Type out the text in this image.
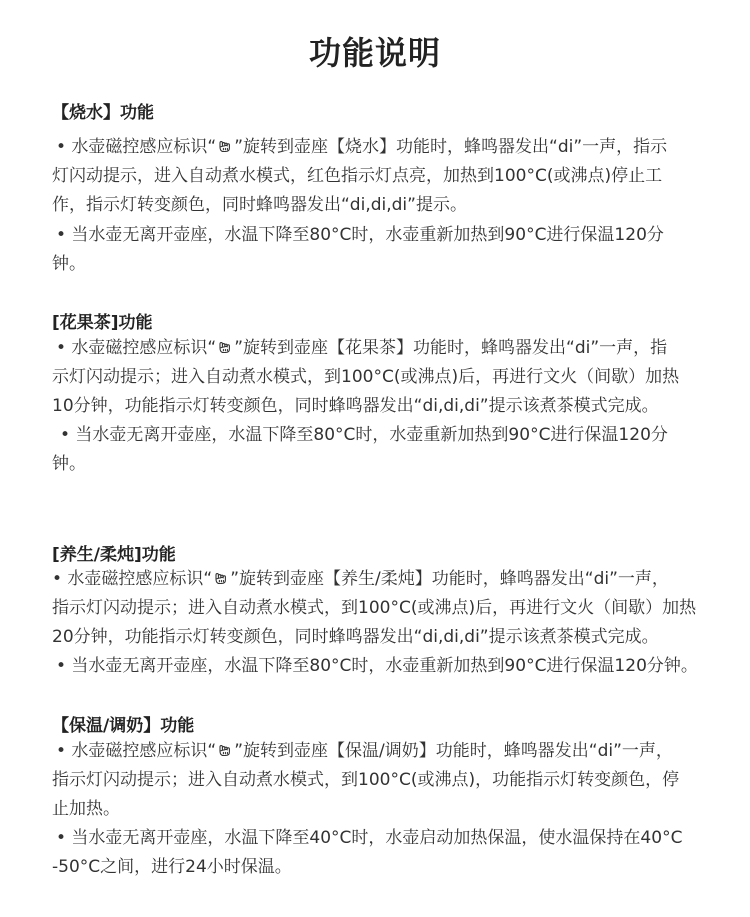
功能说明
【烧水】功能
• 水壶磁控感应标识“ ”旋转到壶座【烧水】功能时，蜂鸣器发出“di”一声，指示
灯闪动提示，进入自动煮水模式，红色指示灯点亮，加热到100°C(或沸点)停止工
作，指示灯转变颜色，同时蜂鸣器发出“di,di,di”提示。
• 当水壶无离开壶座，水温下降至80°C时，水壶重新加热到90°C进行保温120分
钟。
[花果茶]功能
• 水壶磁控感应标识“ ”旋转到壶座【花果茶】功能时，蜂鸣器发出“di”一声，指
示灯闪动提示；进入自动煮水模式，到100°C(或沸点)后，再进行文火（间歇）加热
10分钟，功能指示灯转变颜色，同时蜂鸣器发出“di,di,di”提示该煮茶模式完成。
• 当水壶无离开壶座，水温下降至80°C时，水壶重新加热到90°C进行保温120分
钟。
[养生/柔炖]功能
• 水壶磁控感应标识“ ”旋转到壶座【养生/柔炖】功能时，蜂鸣器发出“di”一声，
指示灯闪动提示；进入自动煮水模式，到100°C(或沸点)后，再进行文火（间歇）加热
20分钟，功能指示灯转变颜色，同时蜂鸣器发出“di,di,di”提示该煮茶模式完成。
• 当水壶无离开壶座，水温下降至80°C时，水壶重新加热到90°C进行保温120分钟。
【保温/调奶】功能
• 水壶磁控感应标识“ ”旋转到壶座【保温/调奶】功能时，蜂鸣器发出“di”一声，
指示灯闪动提示；进入自动煮水模式，到100°C(或沸点)，功能指示灯转变颜色，停
止加热。
• 当水壶无离开壶座，水温下降至40°C时，水壶启动加热保温，使水温保持在40°C
-50°C之间，进行24小时保温。
